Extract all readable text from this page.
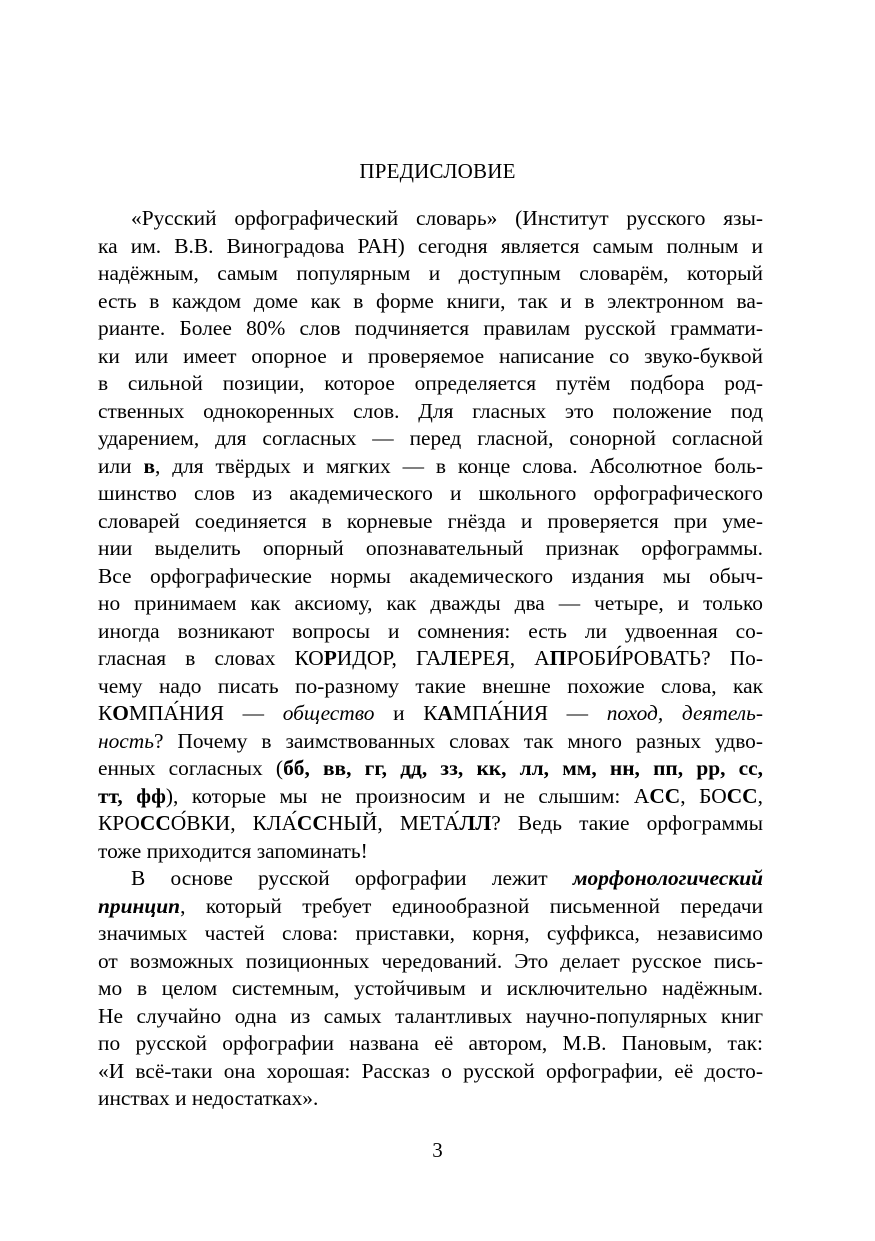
ПРЕДИСЛОВИЕ
«Русский орфографический словарь» (Институт русского язы-
ка им. В.В. Виноградова РАН) сегодня является самым полным и
надёжным, самым популярным и доступным словарём, который
есть в каждом доме как в форме книги, так и в электронном ва-
рианте. Более 80% слов подчиняется правилам русской граммати-
ки или имеет опорное и проверяемое написание со звуко-буквой
в сильной позиции, которое определяется путём подбора род-
ственных однокоренных слов. Для гласных это положение под
ударением, для согласных — перед гласной, сонорной согласной
или в, для твёрдых и мягких — в конце слова. Абсолютное боль-
шинство слов из академического и школьного орфографического
словарей соединяется в корневые гнёзда и проверяется при уме-
нии выделить опорный опознавательный признак орфограммы.
Все орфографические нормы академического издания мы обыч-
но принимаем как аксиому, как дважды два — четыре, и только
иногда возникают вопросы и сомнения: есть ли удвоенная со-
гласная в словах КОРИДОР, ГАЛЕРЕЯ, АПРОБИ́РОВАТЬ? По-
чему надо писать по-разному такие внешне похожие слова, как
КОМПА́НИЯ — общество и КАМПА́НИЯ — поход, деятель-
ность? Почему в заимствованных словах так много разных удво-
енных согласных (бб, вв, гг, дд, зз, кк, лл, мм, нн, пп, рр, сс,
тт, фф), которые мы не произносим и не слышим: АСС, БОСС,
КРОССО́ВКИ, КЛА́ССНЫЙ, МЕТА́ЛЛ? Ведь такие орфограммы
тоже приходится запоминать!
В основе русской орфографии лежит морфонологический
принцип, который требует единообразной письменной передачи
значимых частей слова: приставки, корня, суффикса, независимо
от возможных позиционных чередований. Это делает русское пись-
мо в целом системным, устойчивым и исключительно надёжным.
Не случайно одна из самых талантливых научно-популярных книг
по русской орфографии названа её автором, М.В. Пановым, так:
«И всё-таки она хорошая: Рассказ о русской орфографии, её досто-
инствах и недостатках».
3
